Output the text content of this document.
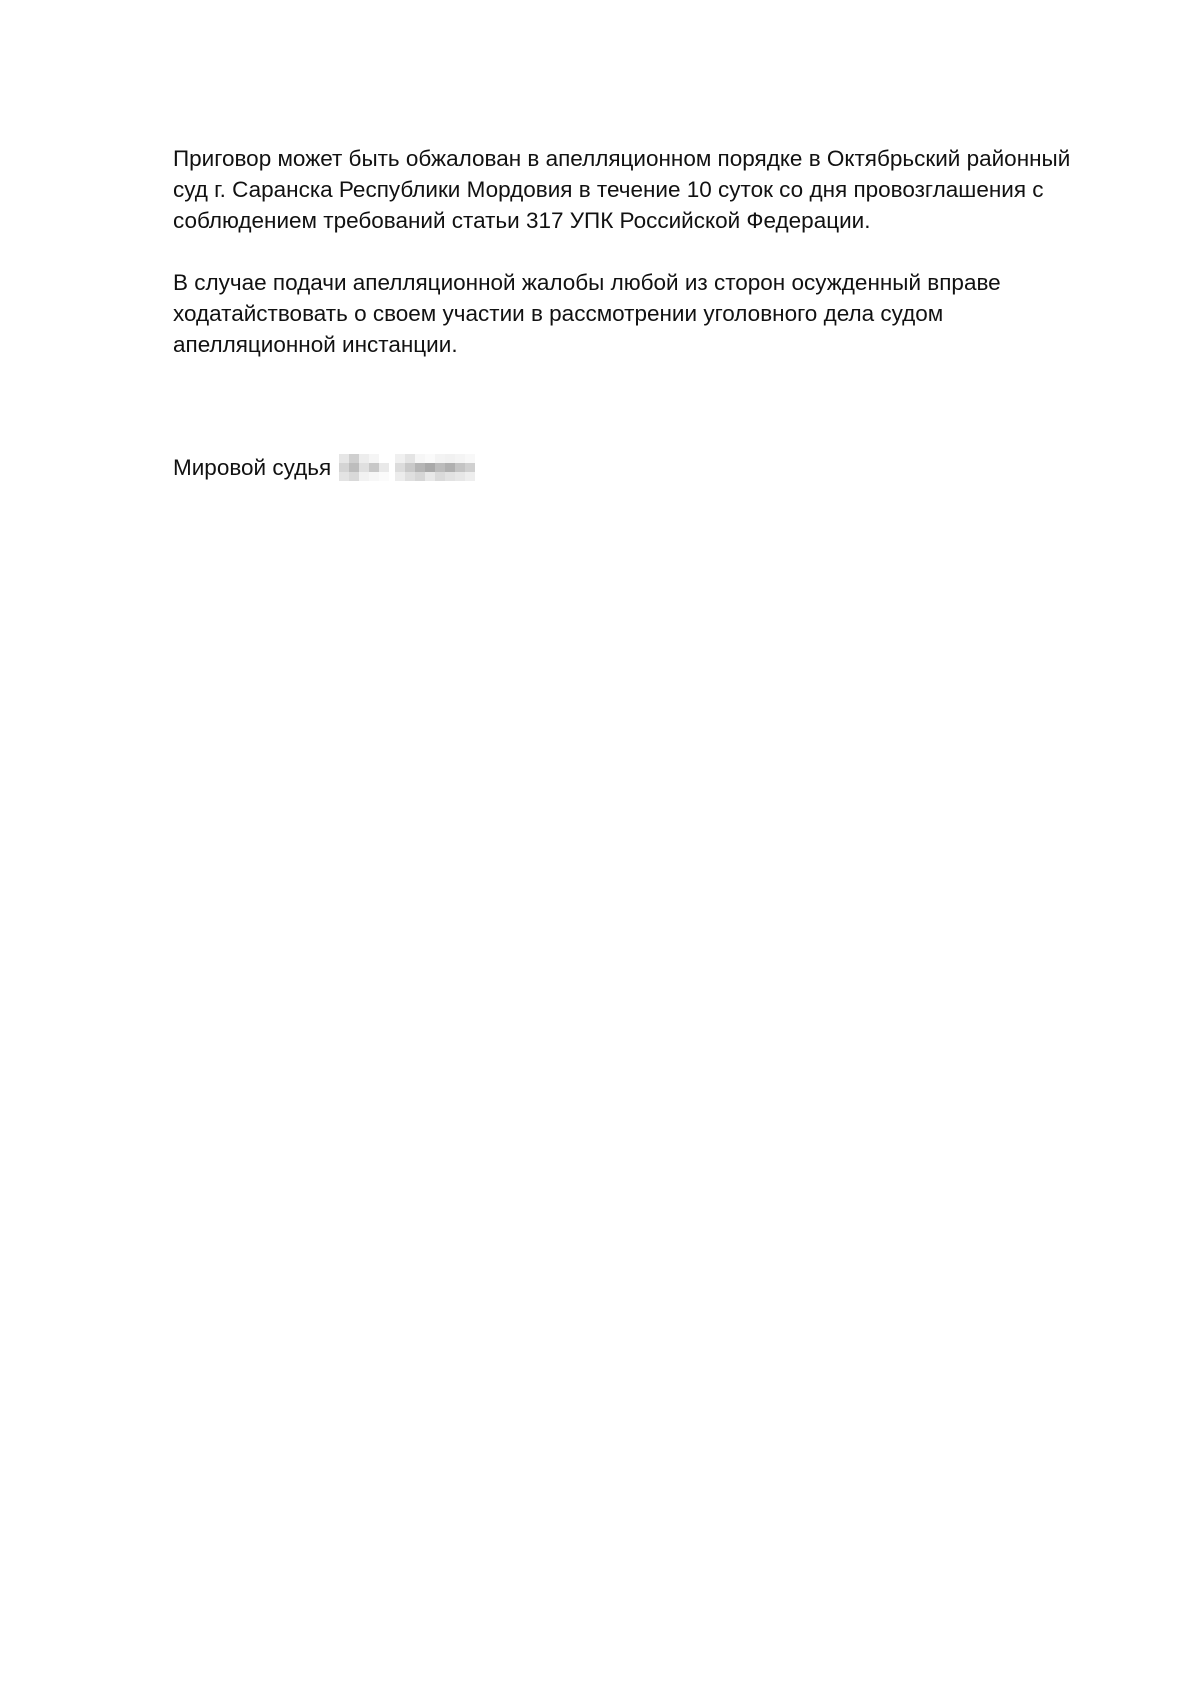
Приговор может быть обжалован в апелляционном порядке в Октябрьский районный
суд г. Саранска Республики Мордовия в течение 10 суток со дня провозглашения с
соблюдением требований статьи 317 УПК Российской Федерации.

В случае подачи апелляционной жалобы любой из сторон осужденный вправе
ходатайствовать о своем участии в рассмотрении уголовного дела судом
апелляционной инстанции.

Мировой судья
